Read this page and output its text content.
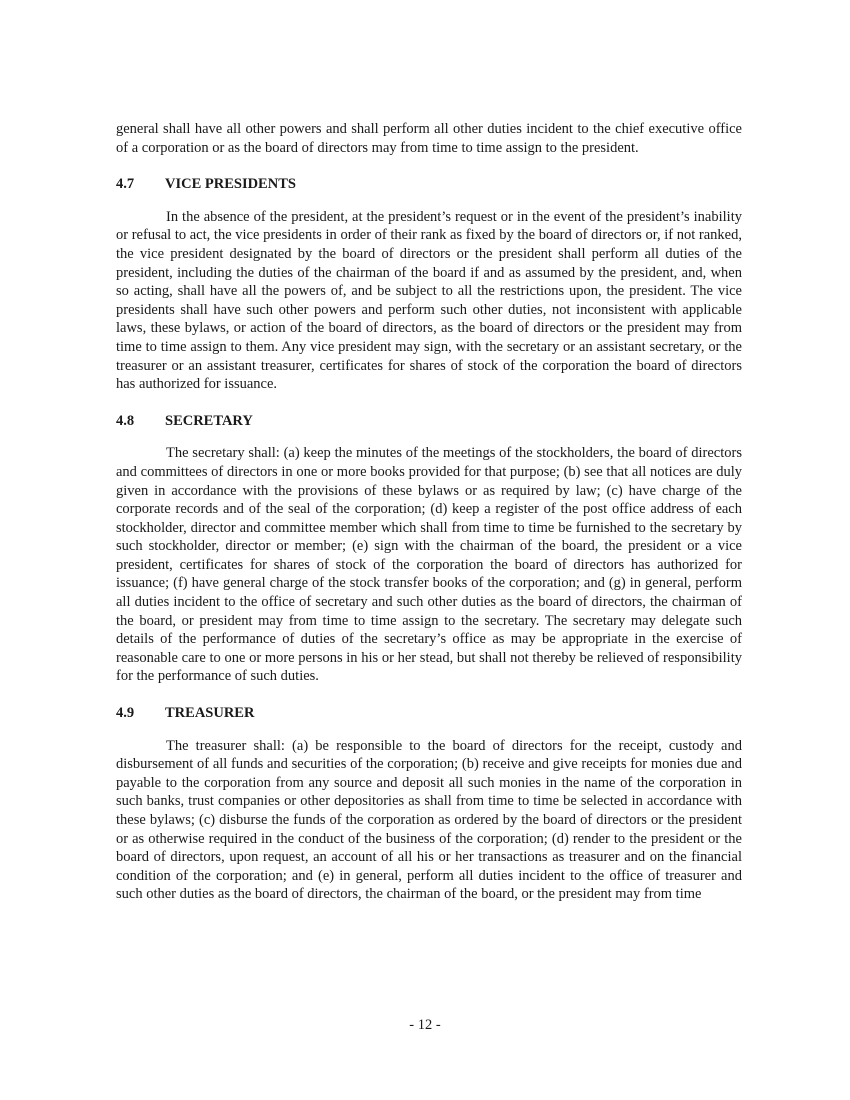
general shall have all other powers and shall perform all other duties incident to the chief executive office of a corporation or as the board of directors may from time to time assign to the president.

4.7 VICE PRESIDENTS

In the absence of the president, at the president’s request or in the event of the president’s inability or refusal to act, the vice presidents in order of their rank as fixed by the board of directors or, if not ranked, the vice president designated by the board of directors or the president shall perform all duties of the president, including the duties of the chairman of the board if and as assumed by the president, and, when so acting, shall have all the powers of, and be subject to all the restrictions upon, the president. The vice presidents shall have such other powers and perform such other duties, not inconsistent with applicable laws, these bylaws, or action of the board of directors, as the board of directors or the president may from time to time assign to them. Any vice president may sign, with the secretary or an assistant secretary, or the treasurer or an assistant treasurer, certificates for shares of stock of the corporation the board of directors has authorized for issuance.

4.8 SECRETARY

The secretary shall: (a) keep the minutes of the meetings of the stockholders, the board of directors and committees of directors in one or more books provided for that purpose; (b) see that all notices are duly given in accordance with the provisions of these bylaws or as required by law; (c) have charge of the corporate records and of the seal of the corporation; (d) keep a register of the post office address of each stockholder, director and committee member which shall from time to time be furnished to the secretary by such stockholder, director or member; (e) sign with the chairman of the board, the president or a vice president, certificates for shares of stock of the corporation the board of directors has authorized for issuance; (f) have general charge of the stock transfer books of the corporation; and (g) in general, perform all duties incident to the office of secretary and such other duties as the board of directors, the chairman of the board, or president may from time to time assign to the secretary. The secretary may delegate such details of the performance of duties of the secretary’s office as may be appropriate in the exercise of reasonable care to one or more persons in his or her stead, but shall not thereby be relieved of responsibility for the performance of such duties.

4.9 TREASURER

The treasurer shall: (a) be responsible to the board of directors for the receipt, custody and disbursement of all funds and securities of the corporation; (b) receive and give receipts for monies due and payable to the corporation from any source and deposit all such monies in the name of the corporation in such banks, trust companies or other depositories as shall from time to time be selected in accordance with these bylaws; (c) disburse the funds of the corporation as ordered by the board of directors or the president or as otherwise required in the conduct of the business of the corporation; (d) render to the president or the board of directors, upon request, an account of all his or her transactions as treasurer and on the financial condition of the corporation; and (e) in general, perform all duties incident to the office of treasurer and such other duties as the board of directors, the chairman of the board, or the president may from time

- 12 -
